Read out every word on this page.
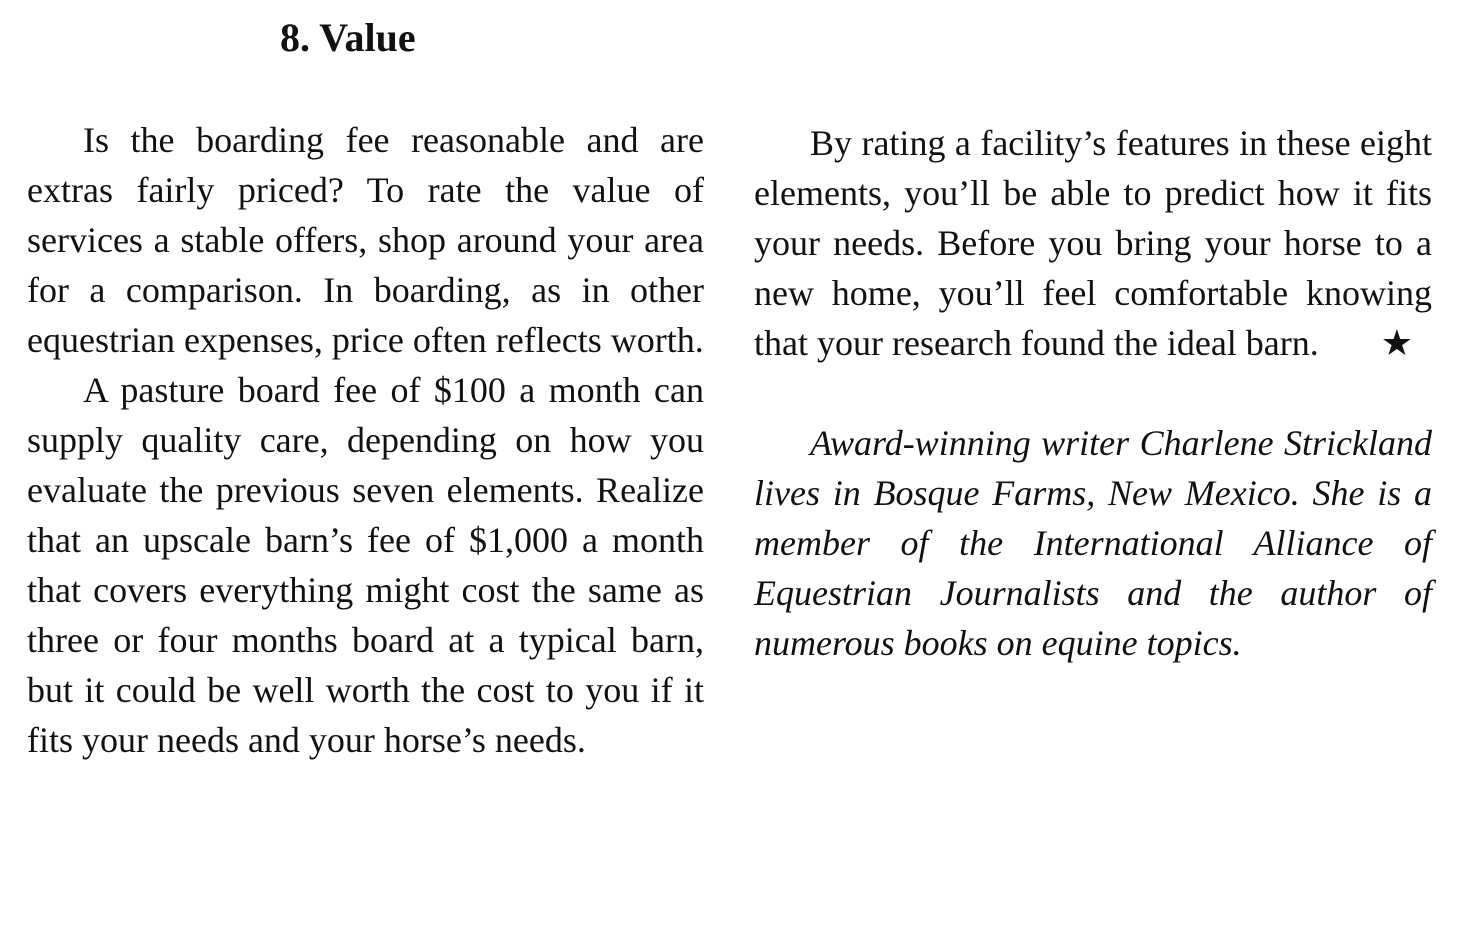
8. Value

Is the boarding fee reasonable and are extras fairly priced? To rate the value of services a stable offers, shop around your area for a comparison. In boarding, as in other equestrian expenses, price often reflects worth.

A pasture board fee of $100 a month can supply quality care, depending on how you evaluate the previous seven elements. Realize that an upscale barn’s fee of $1,000 a month that covers everything might cost the same as three or four months board at a typical barn, but it could be well worth the cost to you if it fits your needs and your horse’s needs.

By rating a facility’s features in these eight elements, you’ll be able to predict how it fits your needs. Before you bring your horse to a new home, you’ll feel comfortable knowing that your research found the ideal barn. ★

Award-winning writer Charlene Strickland lives in Bosque Farms, New Mexico. She is a member of the International Alliance of Equestrian Journalists and the author of numerous books on equine topics.
